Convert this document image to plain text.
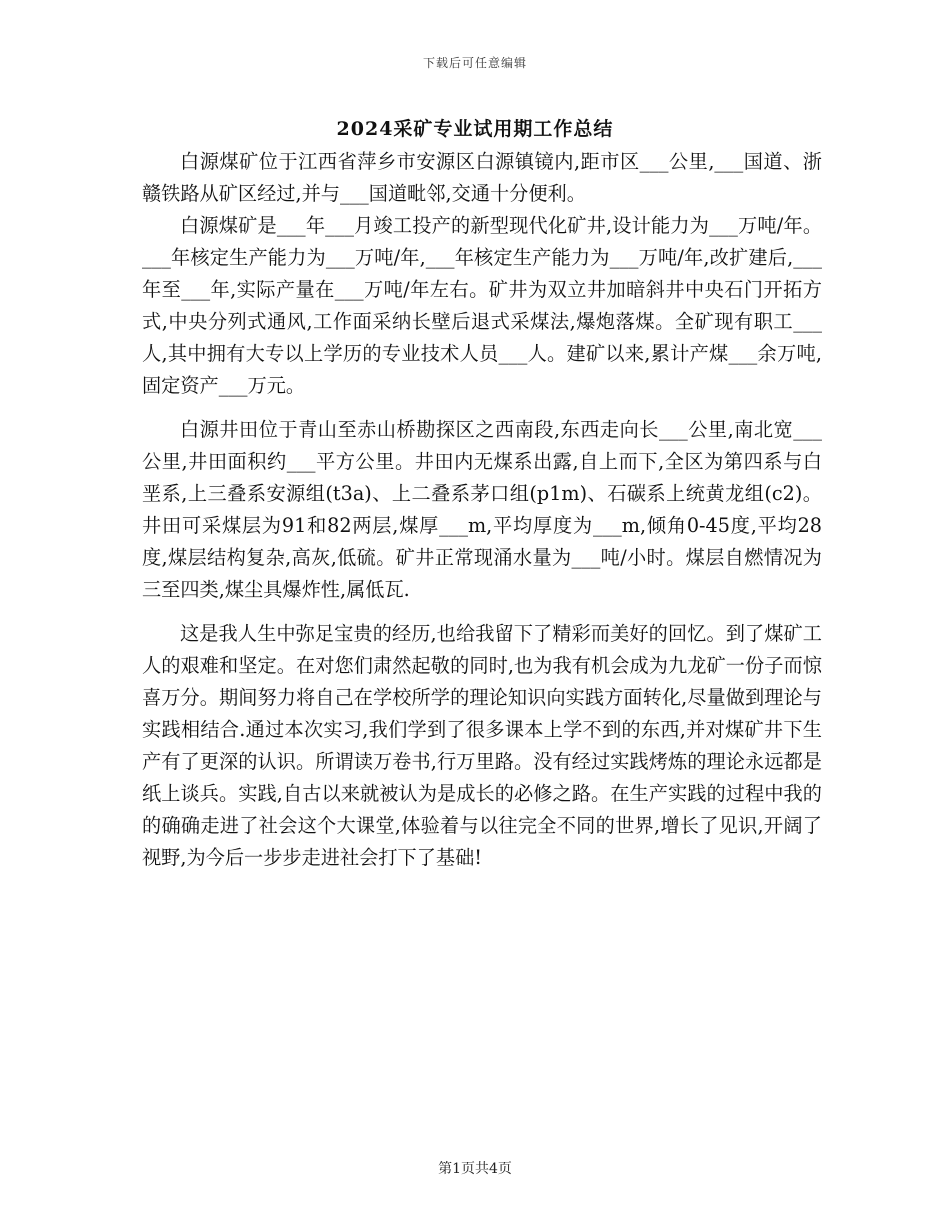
下载后可任意编辑
2024采矿专业试用期工作总结

白源煤矿位于江西省萍乡市安源区白源镇镜内,距市区___公里,___国道、浙赣铁路从矿区经过,并与___国道毗邻,交通十分便利。

白源煤矿是___年___月竣工投产的新型现代化矿井,设计能力为___万吨/年。___年核定生产能力为___万吨/年,___年核定生产能力为___万吨/年,改扩建后,___年至___年,实际产量在___万吨/年左右。矿井为双立井加暗斜井中央石门开拓方式,中央分列式通风,工作面采纳长壁后退式采煤法,爆炮落煤。全矿现有职工___人,其中拥有大专以上学历的专业技术人员___人。建矿以来,累计产煤___余万吨,固定资产___万元。

白源井田位于青山至赤山桥勘探区之西南段,东西走向长___公里,南北宽___公里,井田面积约___平方公里。井田内无煤系出露,自上而下,全区为第四系与白垩系,上三叠系安源组(t3a)、上二叠系茅口组(p1m)、石碳系上统黄龙组(c2)。井田可采煤层为91和82两层,煤厚___m,平均厚度为___m,倾角0-45度,平均28度,煤层结构复杂,高灰,低硫。矿井正常现涌水量为___吨/小时。煤层自燃情况为三至四类,煤尘具爆炸性,属低瓦.

这是我人生中弥足宝贵的经历,也给我留下了精彩而美好的回忆。到了煤矿工人的艰难和坚定。在对您们肃然起敬的同时,也为我有机会成为九龙矿一份子而惊喜万分。期间努力将自己在学校所学的理论知识向实践方面转化,尽量做到理论与实践相结合.通过本次实习,我们学到了很多课本上学不到的东西,并对煤矿井下生产有了更深的认识。所谓读万卷书,行万里路。没有经过实践烤炼的理论永远都是纸上谈兵。实践,自古以来就被认为是成长的必修之路。在生产实践的过程中我的的确确走进了社会这个大课堂,体验着与以往完全不同的世界,增长了见识,开阔了视野,为今后一步步走进社会打下了基础!

第1页共4页
